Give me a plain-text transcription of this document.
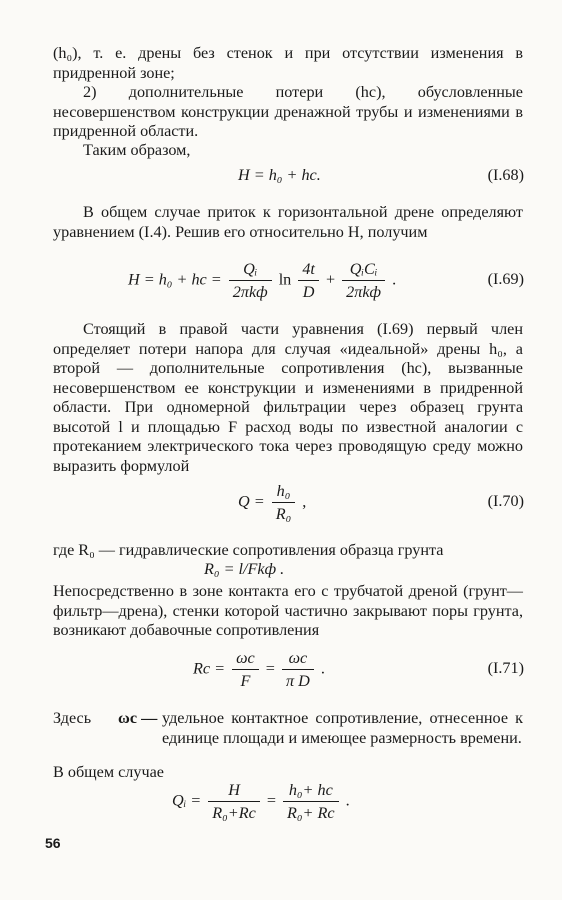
(h₀), т. е. дрены без стенок и при отсутствии изменения в придренной зоне;

2) дополнительные потери (hс), обусловленные несовершенством конструкции дренажной трубы и изменениями в придренной области.

Таким образом,

H = h₀ + hс.	(I.68)

В общем случае приток к горизонтальной дрене определяют уравнением (I.4). Решив его относительно H, получим

H = h₀ + hс = $\frac{\text{Qᵢ}}{\text{2πkф}}$ $\ln \frac{4t}{D} + \frac{\text{QᵢCᵢ}}{\text{2πkф}}$ .	(I.69)

Стоящий в правой части уравнения (I.69) первый член определяет потери напора для случая «идеальной» дрены h₀, а второй — дополнительные сопротивления (hс), вызванные несовершенством ее конструкции и изменениями в придренной области. При одномерной фильтрации через образец грунта высотой l и площадью F расход воды по известной аналогии с протеканием электрического тока через проводящую среду можно выразить формулой

$Q = \frac{\text{h₀}}{\text{R₀}}$ ,	(I.70)

где R₀ — гидравлические сопротивления образца грунта

R₀ = l/Fkф .

Непосредственно в зоне контакта его с трубчатой дреной (грунт—фильтр—дрена), стенки которой частично закрывают поры грунта, возникают добавочные сопротивления

Rс = $\frac{\omega с}{F} = \frac{\omega с}{\text{π D}}$ .	(I.71)
Здесь ωс — удельное контактное сопротивление, отнесенное к единице площади и имеющее размерность времени.

В общем случае

Qᵢ = $\frac{H}{\text{R₀+Rс}} = \frac{\text{h₀+ hс}}{\text{R₀+ Rс}}$ .
56
